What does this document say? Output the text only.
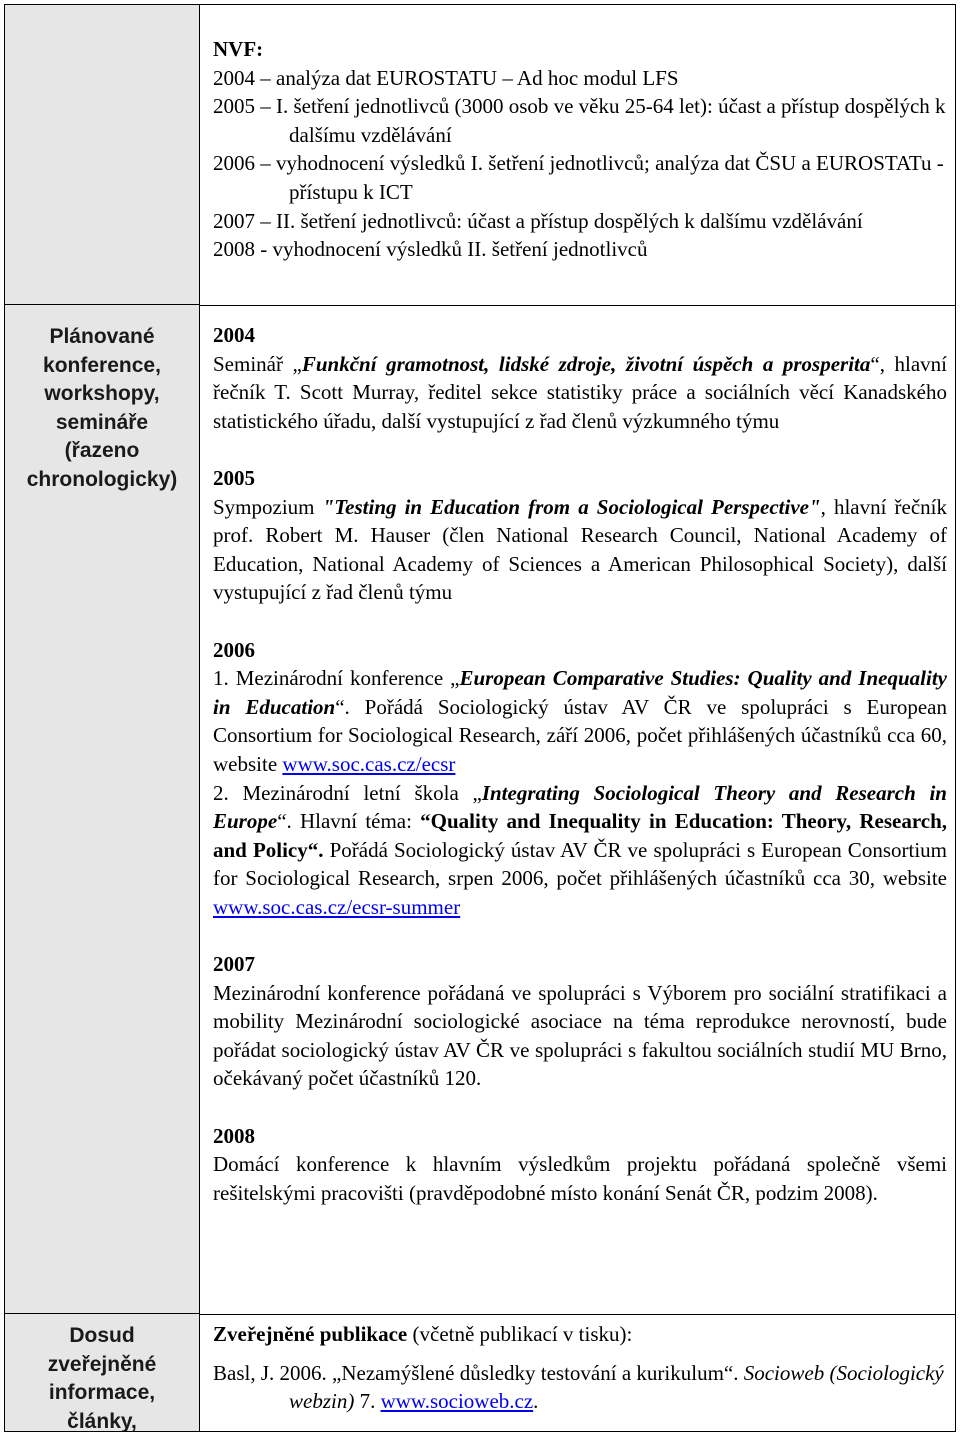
Plánované
konference,
workshopy,
semináře
(řazeno
chronologicky)
Dosud
zveřejněné
informace,
články,

NVF:

2004 – analýza dat EUROSTATU – Ad hoc modul LFS

2005 – I. šetření jednotlivců (3000 osob ve věku 25-64 let): účast a přístup dospělých k dalšímu vzdělávání

2006 – vyhodnocení výsledků I. šetření jednotlivců; analýza dat ČSU a EUROSTATu - přístupu k ICT

2007 – II. šetření jednotlivců: účast a přístup dospělých k dalšímu vzdělávání

2008 - vyhodnocení výsledků II. šetření jednotlivců

2004

Seminář „Funkční gramotnost, lidské zdroje, životní úspěch a prosperita“, hlavní řečník T. Scott Murray, ředitel sekce statistiky práce a sociálních věcí Kanadského statistického úřadu, další vystupující z řad členů výzkumného týmu

2005

Sympozium "Testing in Education from a Sociological Perspective", hlavní řečník prof. Robert M. Hauser (člen National Research Council, National Academy of Education, National Academy of Sciences a American Philosophical Society), další vystupující z řad členů týmu

2006

1. Mezinárodní konference „European Comparative Studies: Quality and Inequality in Education“. Pořádá Sociologický ústav AV ČR ve spolupráci s European Consortium for Sociological Research, září 2006, počet přihlášených účastníků cca 60, website www.soc.cas.cz/ecsr

2. Mezinárodní letní škola „Integrating Sociological Theory and Research in Europe“. Hlavní téma: “Quality and Inequality in Education: Theory, Research, and Policy“. Pořádá Sociologický ústav AV ČR ve spolupráci s European Consortium for Sociological Research, srpen 2006, počet přihlášených účastníků cca 30, website www.soc.cas.cz/ecsr-summer

2007

Mezinárodní konference pořádaná ve spolupráci s Výborem pro sociální stratifikaci a mobility Mezinárodní sociologické asociace na téma reprodukce nerovností, bude pořádat sociologický ústav AV ČR ve spolupráci s fakultou sociálních studií MU Brno, očekávaný počet účastníků 120.

2008

Domácí konference k hlavním výsledkům projektu pořádaná společně všemi rešitelskými pracovišti (pravděpodobné místo konání Senát ČR, podzim 2008).

Zveřejněné publikace (včetně publikací v tisku):

Basl, J. 2006. „Nezamýšlené důsledky testování a kurikulum“. Socioweb (Sociologický webzin) 7. www.socioweb.cz.
